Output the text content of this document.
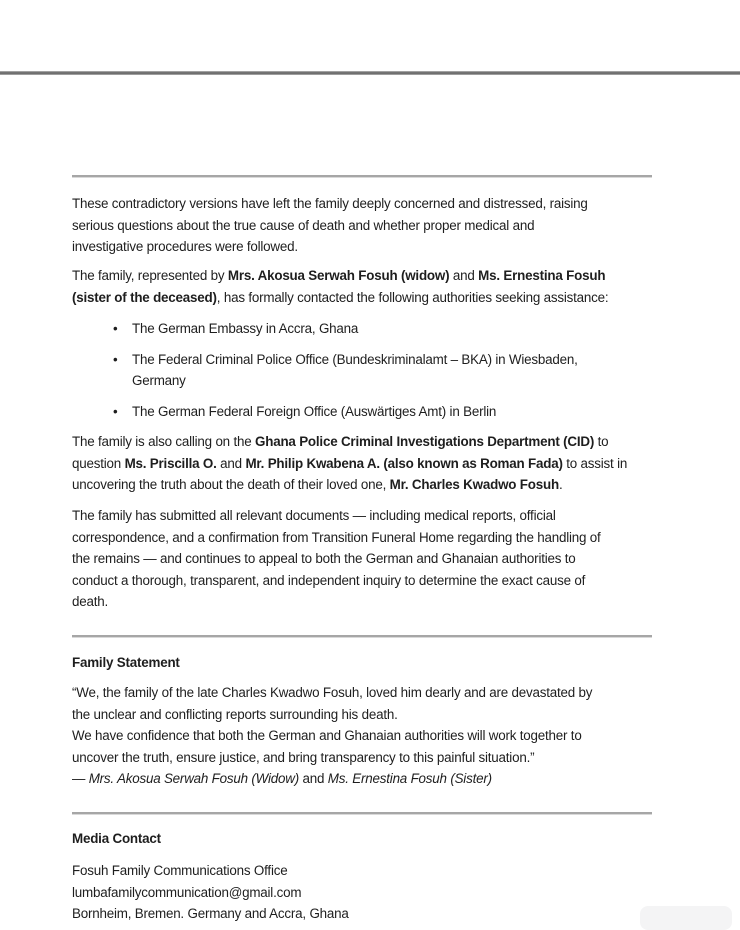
These contradictory versions have left the family deeply concerned and distressed, raising
serious questions about the true cause of death and whether proper medical and
investigative procedures were followed.
The family, represented by Mrs. Akosua Serwah Fosuh (widow) and Ms. Ernestina Fosuh
(sister of the deceased), has formally contacted the following authorities seeking assistance:
• The German Embassy in Accra, Ghana
• The Federal Criminal Police Office (Bundeskriminalamt – BKA) in Wiesbaden,
Germany
• The German Federal Foreign Office (Auswärtiges Amt) in Berlin
The family is also calling on the Ghana Police Criminal Investigations Department (CID) to
question Ms. Priscilla O. and Mr. Philip Kwabena A. (also known as Roman Fada) to assist in
uncovering the truth about the death of their loved one, Mr. Charles Kwadwo Fosuh.
The family has submitted all relevant documents — including medical reports, official
correspondence, and a confirmation from Transition Funeral Home regarding the handling of
the remains — and continues to appeal to both the German and Ghanaian authorities to
conduct a thorough, transparent, and independent inquiry to determine the exact cause of
death.
Family Statement
“We, the family of the late Charles Kwadwo Fosuh, loved him dearly and are devastated by
the unclear and conflicting reports surrounding his death.
We have confidence that both the German and Ghanaian authorities will work together to
uncover the truth, ensure justice, and bring transparency to this painful situation.”
— Mrs. Akosua Serwah Fosuh (Widow) and Ms. Ernestina Fosuh (Sister)
Media Contact
Fosuh Family Communications Office
lumbafamilycommunication@gmail.com
Bornheim, Bremen. Germany and Accra, Ghana
